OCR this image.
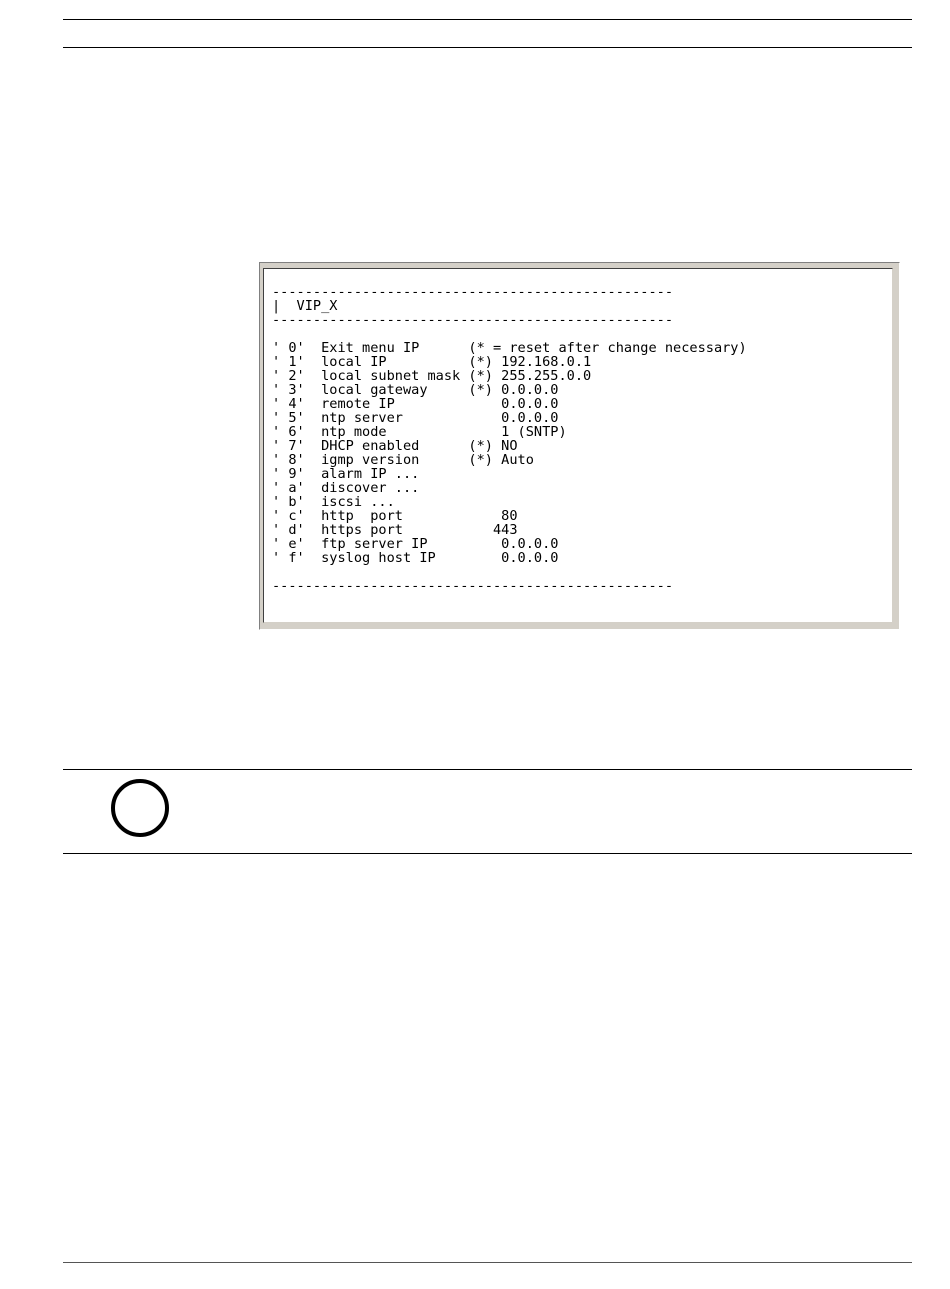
-------------------------------------------------
|  VIP_X
-------------------------------------------------
' 0'  Exit menu IP      (* = reset after change necessary)
' 1'  local IP          (*) 192.168.0.1
' 2'  local subnet mask (*) 255.255.0.0
' 3'  local gateway     (*) 0.0.0.0
' 4'  remote IP             0.0.0.0
' 5'  ntp server            0.0.0.0
' 6'  ntp mode              1 (SNTP)
' 7'  DHCP enabled      (*) NO
' 8'  igmp version      (*) Auto
' 9'  alarm IP ...
' a'  discover ...
' b'  iscsi ...
' c'  http  port            80
' d'  https port           443
' e'  ftp server IP         0.0.0.0
' f'  syslog host IP        0.0.0.0
-------------------------------------------------
